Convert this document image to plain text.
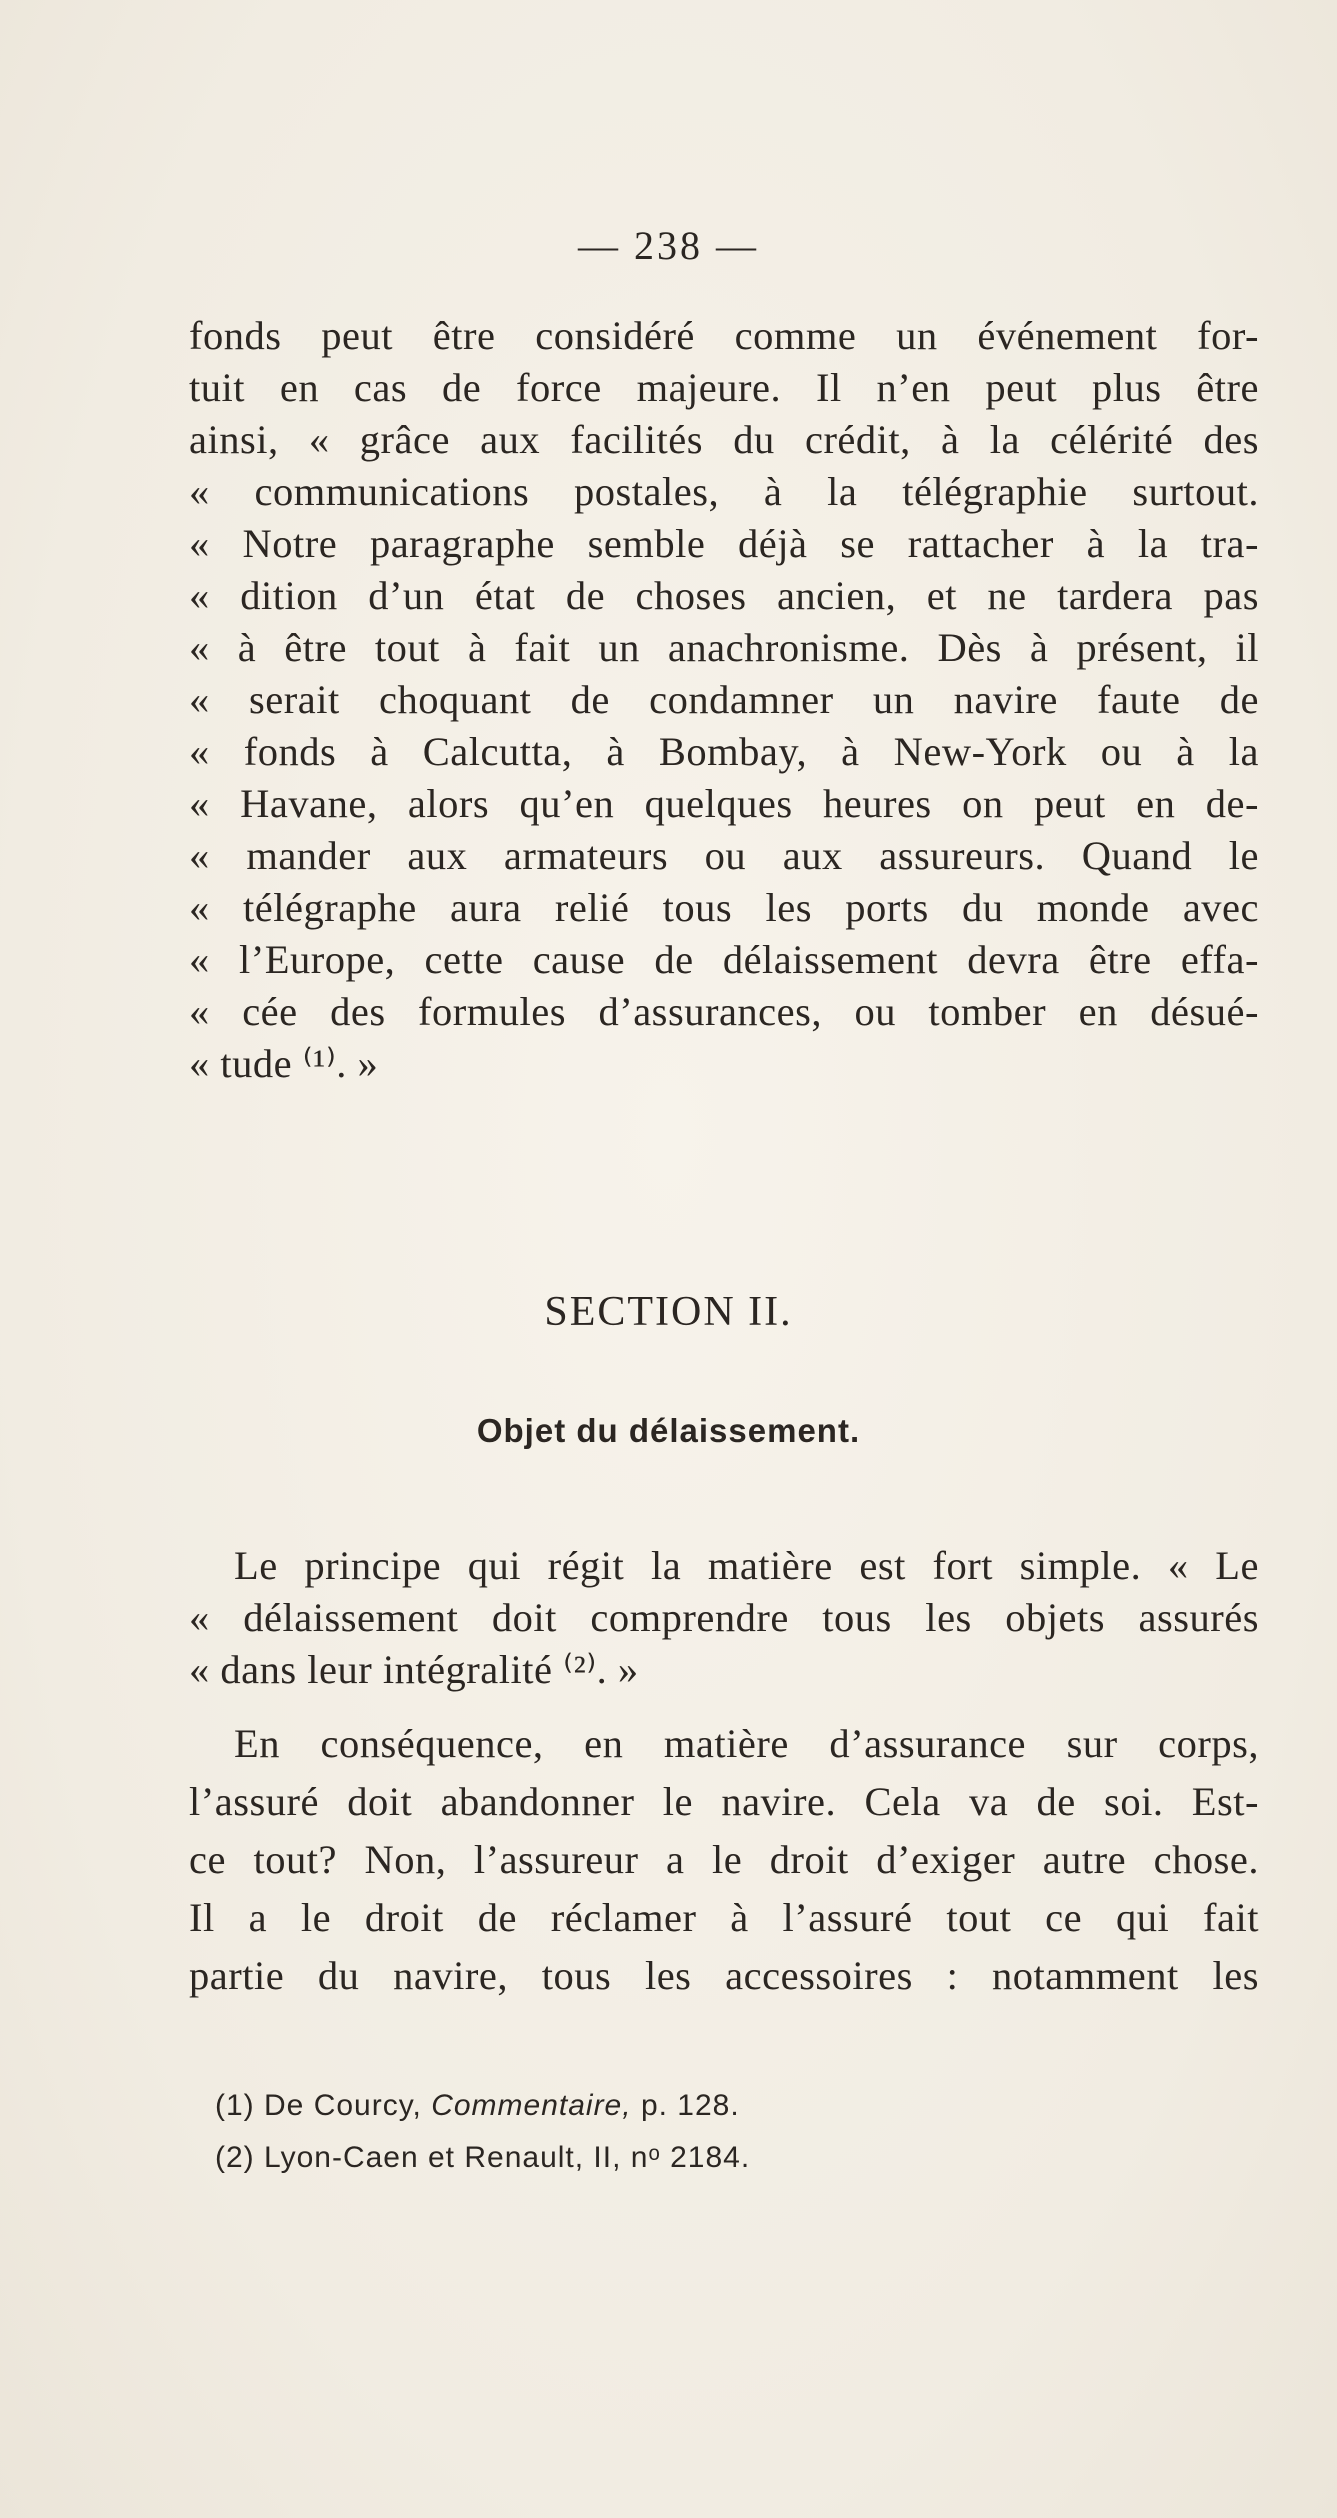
— 238 —
fonds peut être considéré comme un événement for-
tuit en cas de force majeure. Il n’en peut plus être
ainsi, « grâce aux facilités du crédit, à la célérité des
« communications postales, à la télégraphie surtout.
« Notre paragraphe semble déjà se rattacher à la tra-
« dition d’un état de choses ancien, et ne tardera pas
« à être tout à fait un anachronisme. Dès à présent, il
« serait choquant de condamner un navire faute de
« fonds à Calcutta, à Bombay, à New-York ou à la
« Havane, alors qu’en quelques heures on peut en de-
« mander aux armateurs ou aux assureurs. Quand le
« télégraphe aura relié tous les ports du monde avec
« l’Europe, cette cause de délaissement devra être effa-
« cée des formules d’assurances, ou tomber en désué-
« tude ⁽¹⁾. »
SECTION II.
Objet du délaissement.
Le principe qui régit la matière est fort simple. « Le
« délaissement doit comprendre tous les objets assurés
« dans leur intégralité ⁽²⁾. »
En conséquence, en matière d’assurance sur corps,
l’assuré doit abandonner le navire. Cela va de soi. Est-
ce tout? Non, l’assureur a le droit d’exiger autre chose.
Il a le droit de réclamer à l’assuré tout ce qui fait
partie du navire, tous les accessoires : notamment les
(1) De Courcy, Commentaire, p. 128.
(2) Lyon-Caen et Renault, II, nᵒ 2184.
